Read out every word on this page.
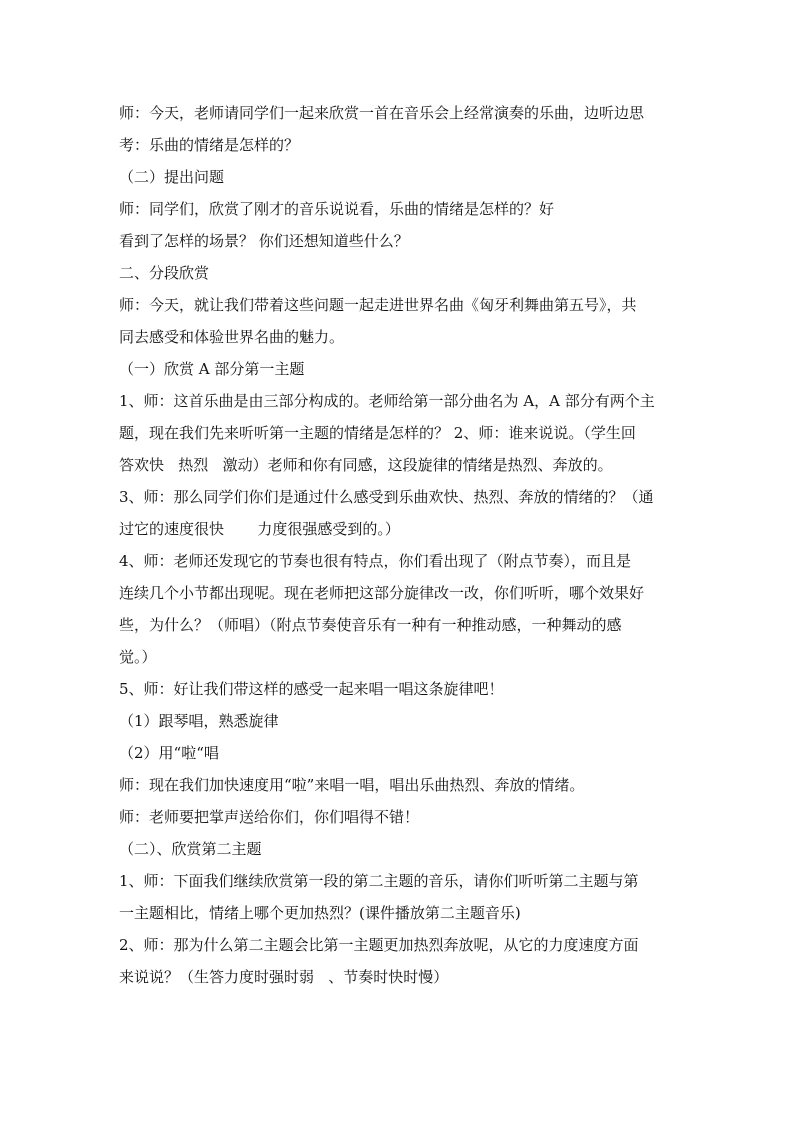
师：今天，老师请同学们一起来欣赏一首在音乐会上经常演奏的乐曲，边听边思
考：乐曲的情绪是怎样的？
（二）提出问题
师：同学们，欣赏了刚才的音乐说说看，乐曲的情绪是怎样的？好
看到了怎样的场景？ 你们还想知道些什么？
二、分段欣赏
师：今天，就让我们带着这些问题一起走进世界名曲《匈牙利舞曲第五号》，共
同去感受和体验世界名曲的魅力。
（一）欣赏 A 部分第一主题
1、师：这首乐曲是由三部分构成的。老师给第一部分曲名为 A，A 部分有两个主
题，现在我们先来听听第一主题的情绪是怎样的？ 2、师：谁来说说。（学生回
答欢快   热烈   激动）老师和你有同感，这段旋律的情绪是热烈、奔放的。
3、师：那么同学们你们是通过什么感受到乐曲欢快、热烈、奔放的情绪的？（通
过它的速度很快       力度很强感受到的。）
4、师：老师还发现它的节奏也很有特点，你们看出现了（附点节奏），而且是
连续几个小节都出现呢。现在老师把这部分旋律改一改，你们听听，哪个效果好
些，为什么？（师唱）（附点节奏使音乐有一种有一种推动感，一种舞动的感
觉。）
5、师：好让我们带这样的感受一起来唱一唱这条旋律吧！
（1）跟琴唱，熟悉旋律
（2）用“啦“唱
师：现在我们加快速度用“啦”来唱一唱，唱出乐曲热烈、奔放的情绪。
师：老师要把掌声送给你们，你们唱得不错！
（二）、欣赏第二主题
1、师：下面我们继续欣赏第一段的第二主题的音乐，请你们听听第二主题与第
一主题相比，情绪上哪个更加热烈？(课件播放第二主题音乐)
2、师：那为什么第二主题会比第一主题更加热烈奔放呢，从它的力度速度方面
来说说？（生答力度时强时弱   、节奏时快时慢）
